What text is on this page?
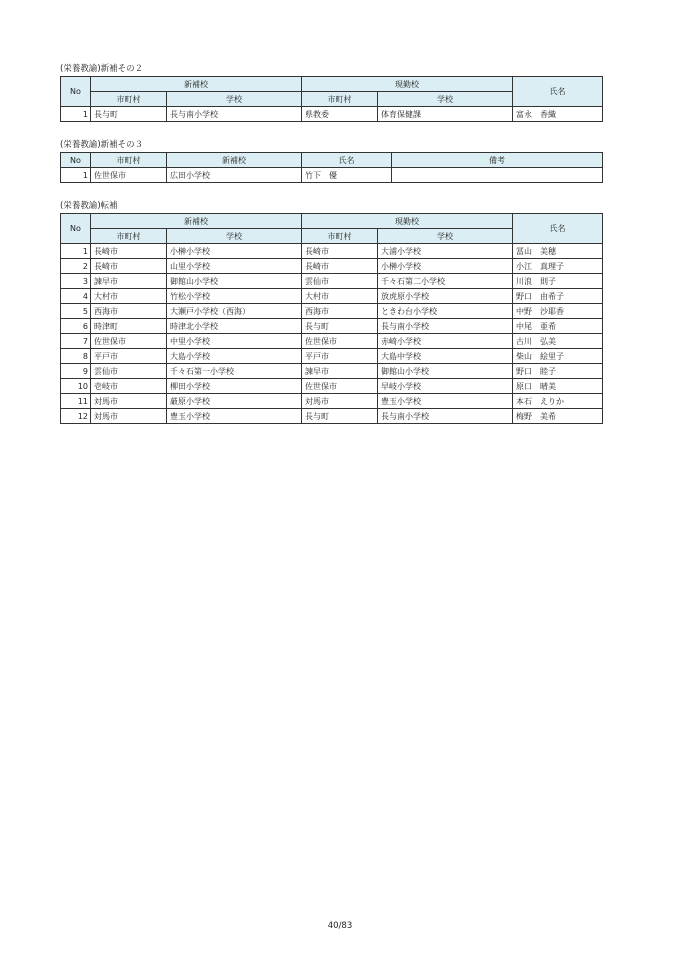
(栄養教諭)新補その２
No	新補校		現勤校		氏名
	市町村	学校	市町村	学校	
1	長与町	長与南小学校	県教委	体育保健課	富永　香織
(栄養教諭)新補その３
No	市町村	新補校	氏名	備考
1	佐世保市	広田小学校	竹下　優	
(栄養教諭)転補
No	新補校		現勤校		氏名
	市町村	学校	市町村	学校	
1	長崎市	小榊小学校	長崎市	大浦小学校	冨山　美穂
2	長崎市	山里小学校	長崎市	小榊小学校	小江　真理子
3	諫早市	御館山小学校	雲仙市	千々石第二小学校	川浪　則子
4	大村市	竹松小学校	大村市	放虎原小学校	野口　由希子
5	西海市	大瀬戸小学校（西海）	西海市	ときわ台小学校	中野　沙耶香
6	時津町	時津北小学校	長与町	長与南小学校	中尾　亜希
7	佐世保市	中里小学校	佐世保市	赤崎小学校	古川　弘美
8	平戸市	大島小学校	平戸市	大島中学校	柴山　絵里子
9	雲仙市	千々石第一小学校	諫早市	御館山小学校	野口　睦子
10	壱岐市	柳田小学校	佐世保市	早岐小学校	原口　晴美
11	対馬市	厳原小学校	対馬市	豊玉小学校	本石　えりか
12	対馬市	豊玉小学校	長与町	長与南小学校	梅野　美希
40/83
